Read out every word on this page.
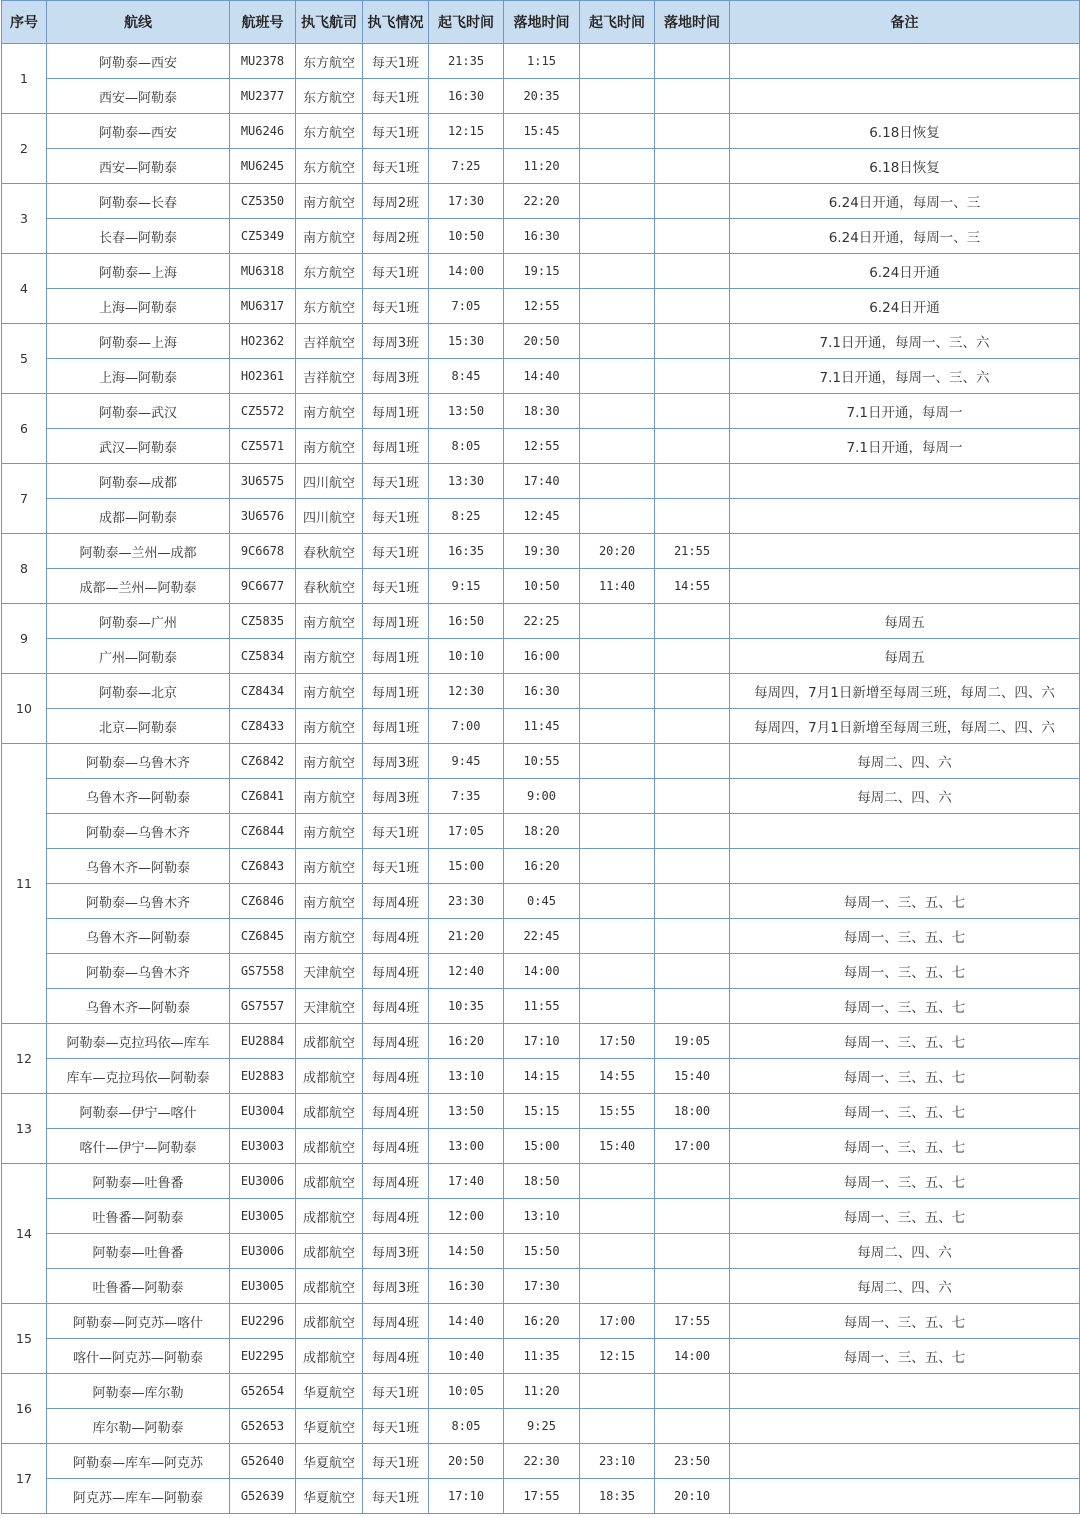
序号	航线	航班号	执飞航司	执飞情况	起飞时间	落地时间	起飞时间	落地时间	备注
1	阿勒泰—西安	MU2378	东方航空	每天1班	21:35	1:15			
	西安—阿勒泰	MU2377	东方航空	每天1班	16:30	20:35			
2	阿勒泰—西安	MU6246	东方航空	每天1班	12:15	15:45			6.18日恢复
	西安—阿勒泰	MU6245	东方航空	每天1班	7:25	11:20			6.18日恢复
3	阿勒泰—长春	CZ5350	南方航空	每周2班	17:30	22:20			6.24日开通，每周一、三
	长春—阿勒泰	CZ5349	南方航空	每周2班	10:50	16:30			6.24日开通，每周一、三
4	阿勒泰—上海	MU6318	东方航空	每天1班	14:00	19:15			6.24日开通
	上海—阿勒泰	MU6317	东方航空	每天1班	7:05	12:55			6.24日开通
5	阿勒泰—上海	HO2362	吉祥航空	每周3班	15:30	20:50			7.1日开通，每周一、三、六
	上海—阿勒泰	HO2361	吉祥航空	每周3班	8:45	14:40			7.1日开通，每周一、三、六
6	阿勒泰—武汉	CZ5572	南方航空	每周1班	13:50	18:30			7.1日开通，每周一
	武汉—阿勒泰	CZ5571	南方航空	每周1班	8:05	12:55			7.1日开通，每周一
7	阿勒泰—成都	3U6575	四川航空	每天1班	13:30	17:40			
	成都—阿勒泰	3U6576	四川航空	每天1班	8:25	12:45			
8	阿勒泰—兰州—成都	9C6678	春秋航空	每天1班	16:35	19:30	20:20	21:55	
	成都—兰州—阿勒泰	9C6677	春秋航空	每天1班	9:15	10:50	11:40	14:55	
9	阿勒泰—广州	CZ5835	南方航空	每周1班	16:50	22:25			每周五
	广州—阿勒泰	CZ5834	南方航空	每周1班	10:10	16:00			每周五
10	阿勒泰—北京	CZ8434	南方航空	每周1班	12:30	16:30			每周四，7月1日新增至每周三班，每周二、四、六
	北京—阿勒泰	CZ8433	南方航空	每周1班	7:00	11:45			每周四，7月1日新增至每周三班，每周二、四、六
11	阿勒泰—乌鲁木齐	CZ6842	南方航空	每周3班	9:45	10:55			每周二、四、六
	乌鲁木齐—阿勒泰	CZ6841	南方航空	每周3班	7:35	9:00			每周二、四、六
	阿勒泰—乌鲁木齐	CZ6844	南方航空	每天1班	17:05	18:20			
	乌鲁木齐—阿勒泰	CZ6843	南方航空	每天1班	15:00	16:20			
	阿勒泰—乌鲁木齐	CZ6846	南方航空	每周4班	23:30	0:45			每周一、三、五、七
	乌鲁木齐—阿勒泰	CZ6845	南方航空	每周4班	21:20	22:45			每周一、三、五、七
	阿勒泰—乌鲁木齐	GS7558	天津航空	每周4班	12:40	14:00			每周一、三、五、七
	乌鲁木齐—阿勒泰	GS7557	天津航空	每周4班	10:35	11:55			每周一、三、五、七
12	阿勒泰—克拉玛依—库车	EU2884	成都航空	每周4班	16:20	17:10	17:50	19:05	每周一、三、五、七
	库车—克拉玛依—阿勒泰	EU2883	成都航空	每周4班	13:10	14:15	14:55	15:40	每周一、三、五、七
13	阿勒泰—伊宁—喀什	EU3004	成都航空	每周4班	13:50	15:15	15:55	18:00	每周一、三、五、七
	喀什—伊宁—阿勒泰	EU3003	成都航空	每周4班	13:00	15:00	15:40	17:00	每周一、三、五、七
14	阿勒泰—吐鲁番	EU3006	成都航空	每周4班	17:40	18:50			每周一、三、五、七
	吐鲁番—阿勒泰	EU3005	成都航空	每周4班	12:00	13:10			每周一、三、五、七
	阿勒泰—吐鲁番	EU3006	成都航空	每周3班	14:50	15:50			每周二、四、六
	吐鲁番—阿勒泰	EU3005	成都航空	每周3班	16:30	17:30			每周二、四、六
15	阿勒泰—阿克苏—喀什	EU2296	成都航空	每周4班	14:40	16:20	17:00	17:55	每周一、三、五、七
	喀什—阿克苏—阿勒泰	EU2295	成都航空	每周4班	10:40	11:35	12:15	14:00	每周一、三、五、七
16	阿勒泰—库尔勒	G52654	华夏航空	每天1班	10:05	11:20			
	库尔勒—阿勒泰	G52653	华夏航空	每天1班	8:05	9:25			
17	阿勒泰—库车—阿克苏	G52640	华夏航空	每天1班	20:50	22:30	23:10	23:50	
	阿克苏—库车—阿勒泰	G52639	华夏航空	每天1班	17:10	17:55	18:35	20:10	
